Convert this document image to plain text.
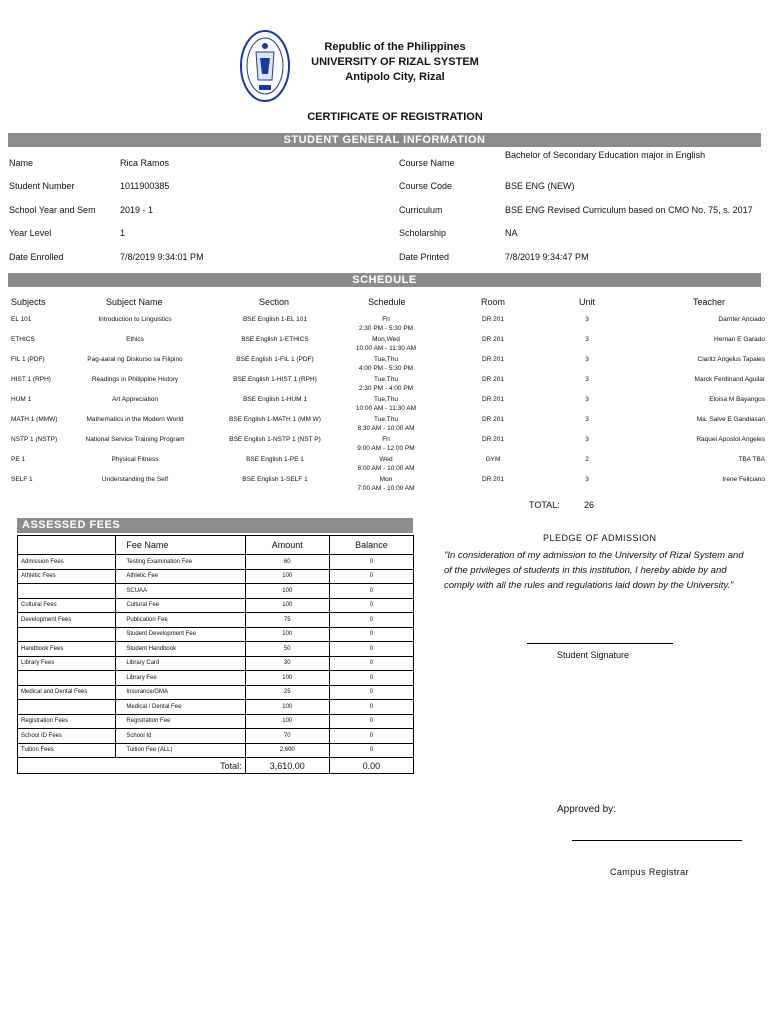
Republic of the Philippines
UNIVERSITY OF RIZAL SYSTEM
Antipolo City, Rizal
CERTIFICATE OF REGISTRATION
STUDENT GENERAL INFORMATION
Name	Rica Ramos
Student Number	1011900385
School Year and Sem	2019 - 1
Year Level	1
Date Enrolled	7/8/2019 9:34:01 PM
Course Name
Bachelor of Secondary Education major in English
Course Code	BSE ENG (NEW)
Curriculum	BSE ENG Revised Curriculum based on CMO No. 75, s. 2017
Scholarship	NA
Date Printed	7/8/2019 9:34:47 PM
SCHEDULE
Subjects	Subject Name	Section	Schedule	Room	Unit	Teacher
EL 101	Introduction to Linguistics	BSE English 1-EL 101	Fri
2:30 PM - 5:30 PM
DR 201	3	Darriter Anciado
ETHICS	Ethics	BSE English 1-ETHICS	Mon,Wed
10:00 AM - 11:30 AM
DR 201	3	Hernan E Garado
FIL 1 (PDF)	Pag-aaral ng Diskurso sa Filipino	BSE English 1-FIL 1 (PDF)	Tue,Thu
4:00 PM - 5:30 PM
DR 201	3	Claritz Angelus Tapales
HIST 1 (RPH)	Readings in Philippine History	BSE English 1-HIST 1 (RPH)	Tue,Thu
2:30 PM - 4:00 PM
DR 201	3	Marck Ferdinand Aguilar
HUM 1	Art Appreciation	BSE English 1-HUM 1	Tue,Thu
10:00 AM - 11:30 AM
DR 201	3	Eloisa M Bayangos
MATH 1 (MMW)	Mathematics in the Modern World	BSE English 1-MATH 1 (MM W)	Tue,Thu
8:30 AM - 10:00 AM
DR 201	3	Ma. Salve E Gandiasan
NSTP 1 (NSTP)	National Service Training Program	BSE English 1-NSTP 1 (NST P)	Fri
9:00 AM - 12:00 PM
DR 201	3	Raquel Apostol Angeles
PE 1	Physical Fitness	BSE English 1-PE 1	Wed
8:00 AM - 10:00 AM
GYM	2	TBA TBA
SELF 1	Understanding the Self	BSE English 1-SELF 1	Mon
7:00 AM - 10:00 AM
DR 201	3	Irene Feliciano
TOTAL:	26
ASSESSED FEES
	Fee Name	Amount	Balance
Admission Fees	Testing Examination Fee	60	0
Athletic Fees	Athletic Fee	100	0
	SCUAA	100	0
Cultural Fees	Cultural Fee	100	0
Development Fees	Publication Fee	75	0
	Student Development Fee	100	0
Handbook Fees	Student Handbook	50	0
Library Fees	Library Card	30	0
	Library Fee	100	0
Medical and Dental Fees	Insurance/GMA	25	0
	Medical / Dental Fee	100	0
Registration Fees	Registration Fee	100	0
School ID Fees	School Id	70	0
Tuition Fees	Tuition Fee (ALL)	2,600	0
Total:		3,610.00	0.00
PLEDGE OF ADMISSION
"In consideration of my admission to the University of Rizal System and of the privileges of students in this institution, I hereby abide by and comply with all the rules and regulations laid down by the University."
Student Signature
Approved by:
Campus Registrar
